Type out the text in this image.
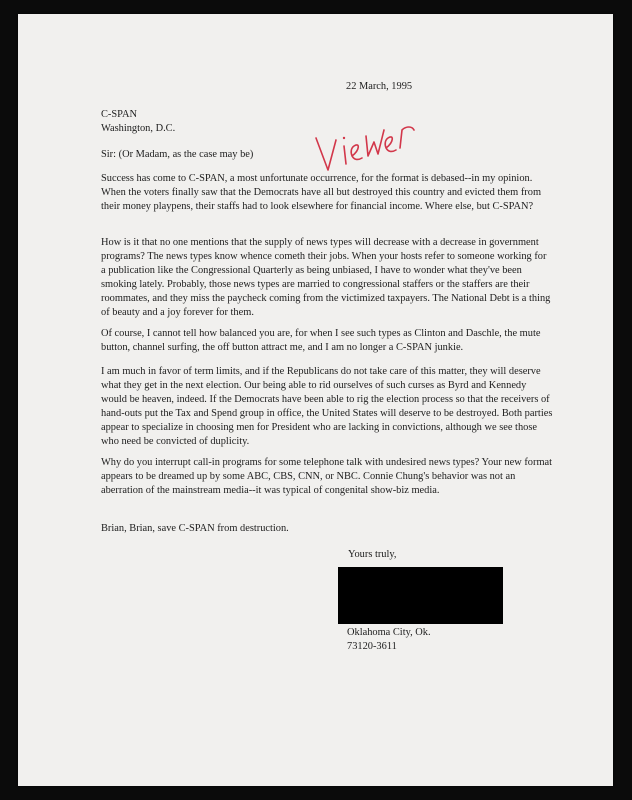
22 March, 1995
C-SPAN
Washington, D.C.
Sir: (Or Madam, as the case may be)

Success has come to C-SPAN, a most unfortunate occurrence, for the format is debased--in my opinion. When the voters finally saw that the Democrats have all but destroyed this country and evicted them from their money playpens, their staffs had to look elsewhere for financial income. Where else, but C-SPAN?

How is it that no one mentions that the supply of news types will decrease with a decrease in government programs? The news types know whence cometh their jobs. When your hosts refer to someone working for a publication like the Congressional Quarterly as being unbiased, I have to wonder what they've been smoking lately. Probably, those news types are married to congressional staffers or the staffers are their roommates, and they miss the paycheck coming from the victimized taxpayers. The National Debt is a thing of beauty and a joy forever for them.

Of course, I cannot tell how balanced you are, for when I see such types as Clinton and Daschle, the mute button, channel surfing, the off button attract me, and I am no longer a C-SPAN junkie.

I am much in favor of term limits, and if the Republicans do not take care of this matter, they will deserve what they get in the next election. Our being able to rid ourselves of such curses as Byrd and Kennedy would be heaven, indeed. If the Democrats have been able to rig the election process so that the receivers of hand-outs put the Tax and Spend group in office, the United States will deserve to be destroyed. Both parties appear to specialize in choosing men for President who are lacking in convictions, although we see those who need be convicted of duplicity.

Why do you interrupt call-in programs for some telephone talk with undesired news types? Your new format appears to be dreamed up by some ABC, CBS, CNN, or NBC. Connie Chung's behavior was not an aberration of the mainstream media--it was typical of congenital show-biz media.

Brian, Brian, save C-SPAN from destruction.

Yours truly,
Oklahoma City, Ok.
73120-3611
